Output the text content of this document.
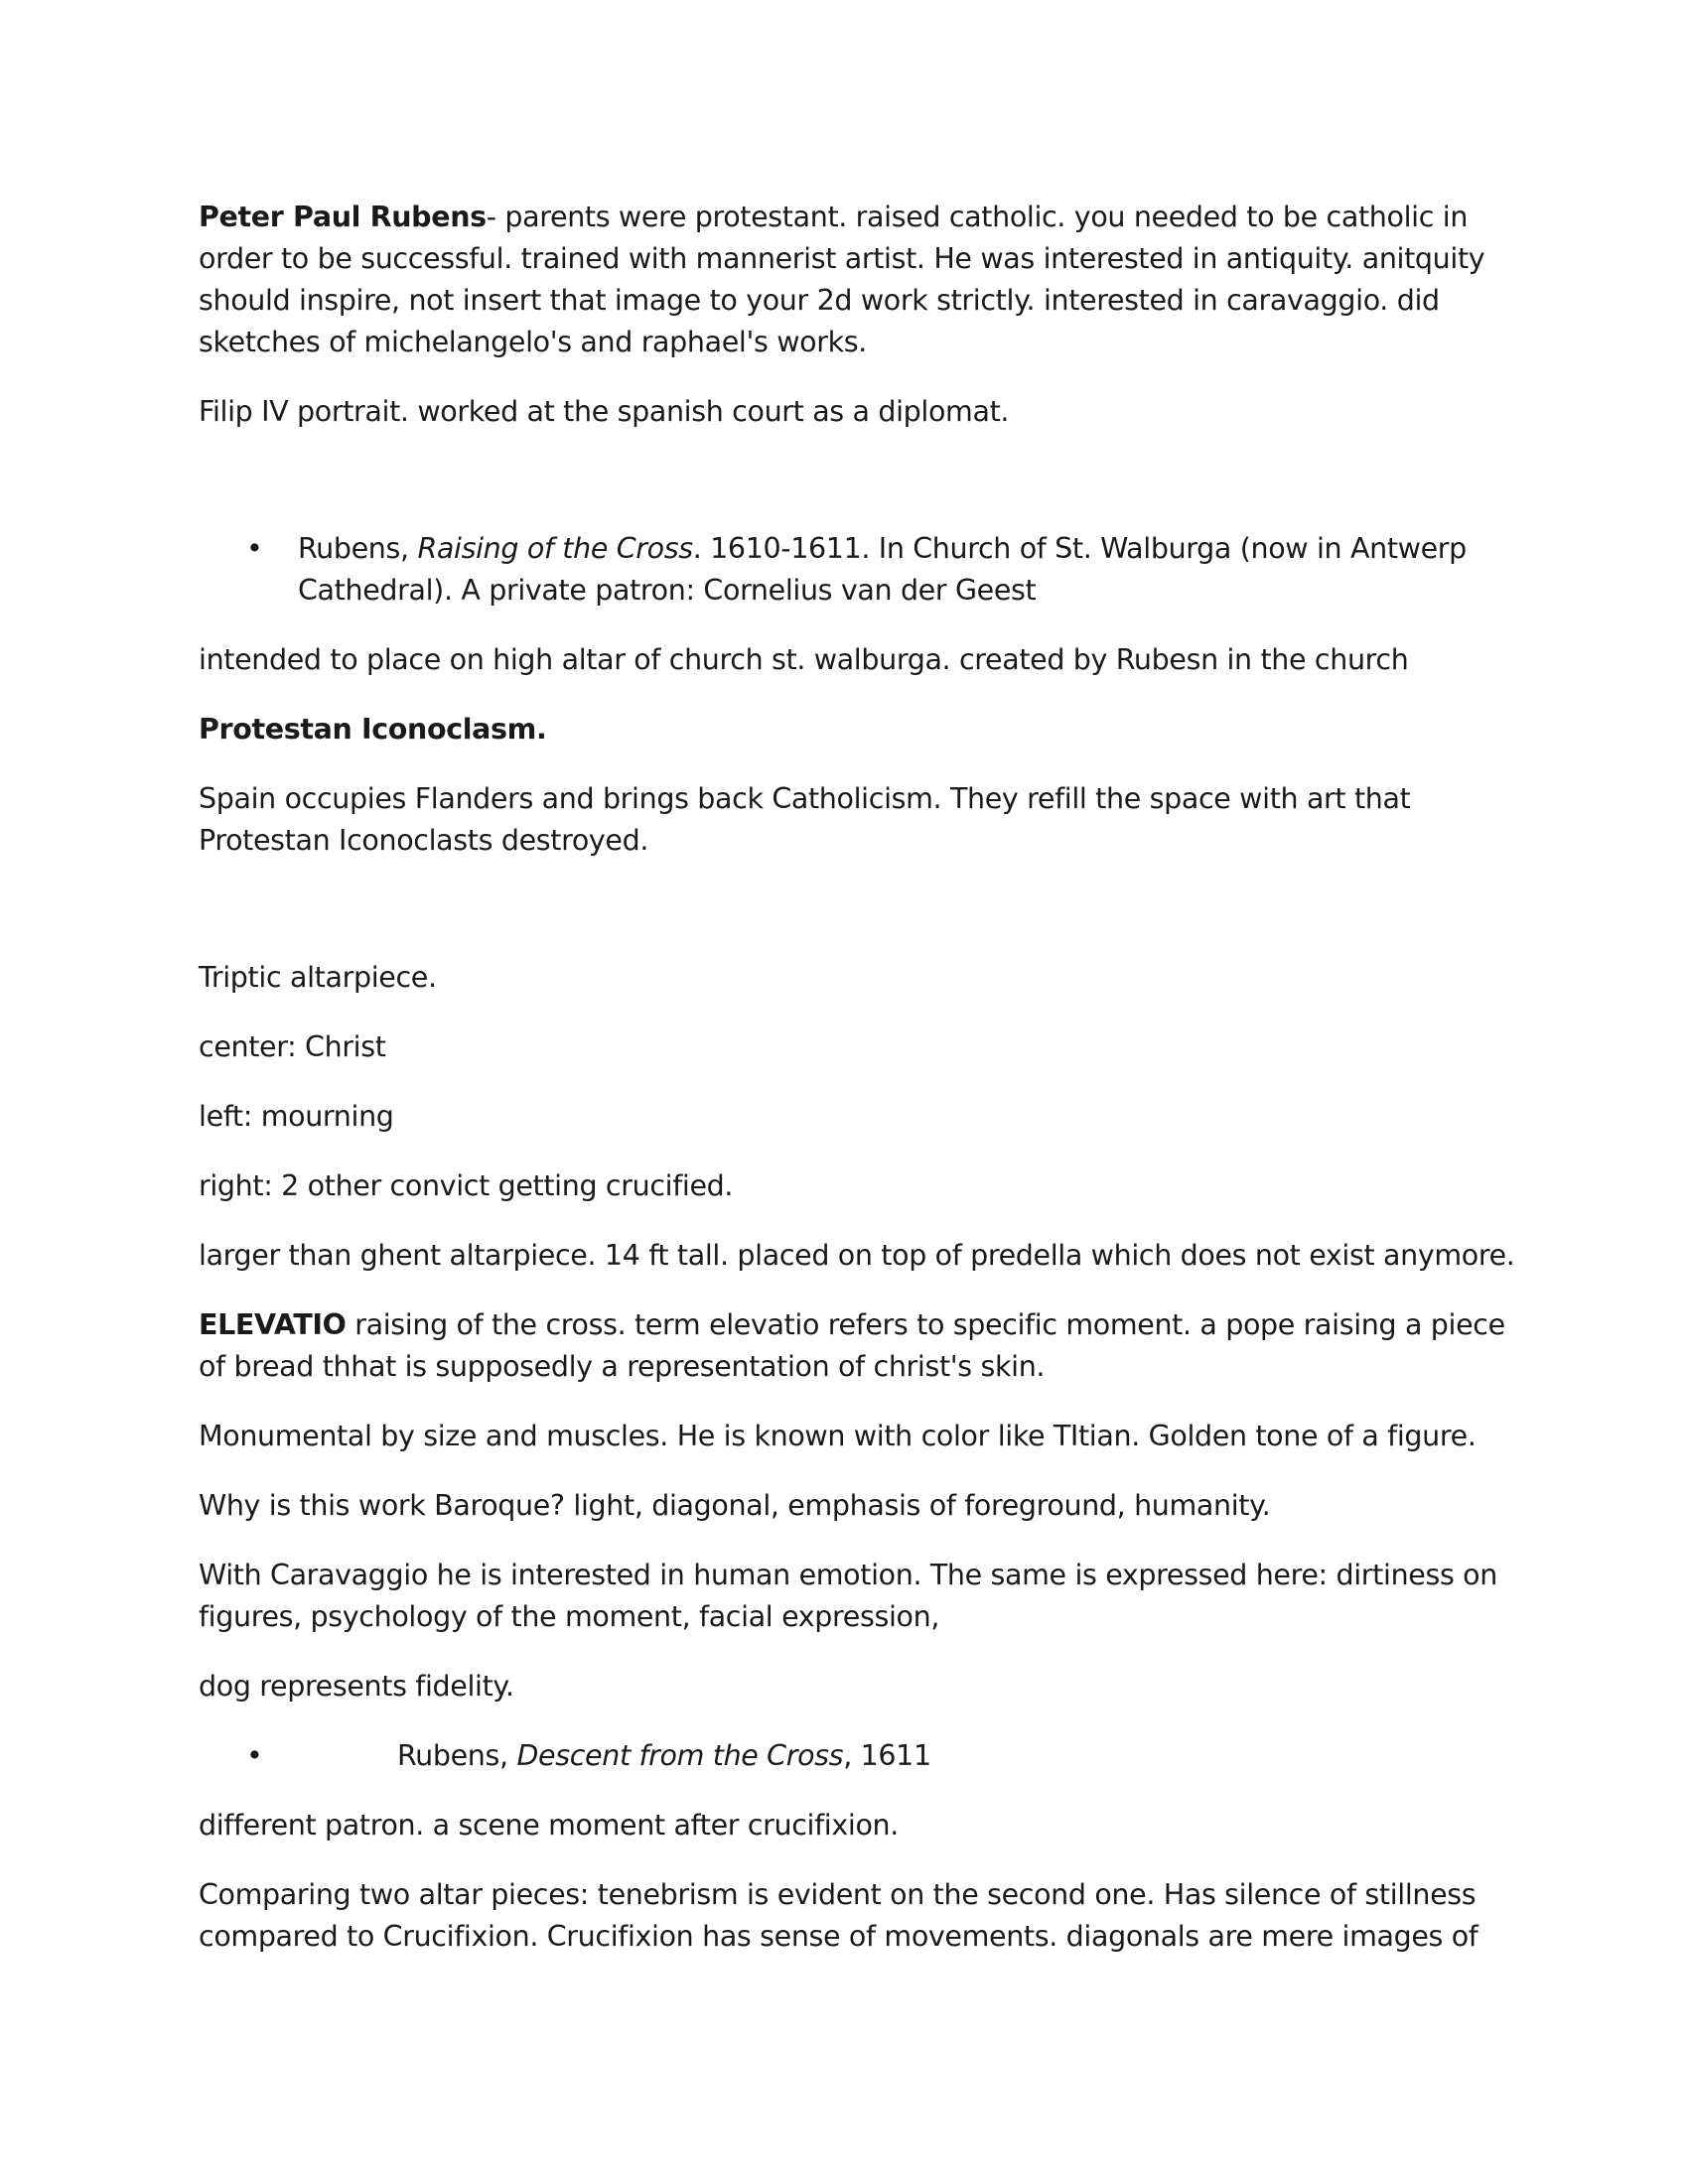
Peter Paul Rubens- parents were protestant. raised catholic. you needed to be catholic in order to be successful. trained with mannerist artist. He was interested in antiquity. anitquity should inspire, not insert that image to your 2d work strictly. interested in caravaggio. did sketches of michelangelo's and raphael's works.

Filip IV portrait. worked at the spanish court as a diplomat.

•	Rubens, Raising of the Cross. 1610-1611. In Church of St. Walburga (now in Antwerp Cathedral). A private patron: Cornelius van der Geest

intended to place on high altar of church st. walburga. created by Rubesn in the church

Protestan Iconoclasm.

Spain occupies Flanders and brings back Catholicism. They refill the space with art that Protestan Iconoclasts destroyed.

Triptic altarpiece.

center: Christ

left: mourning

right: 2 other convict getting crucified.

larger than ghent altarpiece. 14 ft tall. placed on top of predella which does not exist anymore.

ELEVATIO raising of the cross. term elevatio refers to specific moment. a pope raising a piece of bread thhat is supposedly a representation of christ's skin.

Monumental by size and muscles. He is known with color like TItian. Golden tone of a figure.

Why is this work Baroque? light, diagonal, emphasis of foreground, humanity.

With Caravaggio he is interested in human emotion. The same is expressed here: dirtiness on figures, psychology of the moment, facial expression,

dog represents fidelity.

•	Rubens, Descent from the Cross, 1611

different patron. a scene moment after crucifixion.

Comparing two altar pieces: tenebrism is evident on the second one. Has silence of stillness compared to Crucifixion. Crucifixion has sense of movements. diagonals are mere images of
